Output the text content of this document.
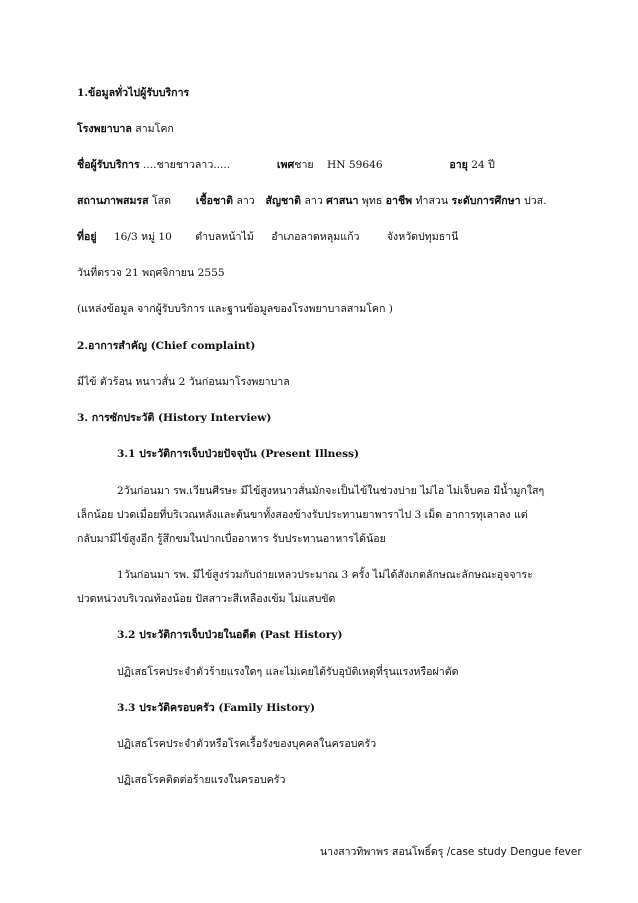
1.ข้อมูลทั่วไปผู้รับบริการ
โรงพยาบาล สามโคก
ชื่อผู้รับบริการ ....ชายชาวลาว.....	เพศชาย HN 59646	อายุ 24 ปี
สถานภาพสมรส โสด เชื้อชาติ ลาว สัญชาติ ลาว ศาสนา พุทธ อาชีพ ทำสวน ระดับการศึกษา ปวส.
ที่อยู่ 16/3 หมู่ 10 ตำบลหน้าไม้ อำเภอลาดหลุมแก้ว	จังหวัดปทุมธานี
วันที่ตรวจ 21 พฤศจิกายน 2555
(แหล่งข้อมูล จากผู้รับบริการ และฐานข้อมูลของโรงพยาบาลสามโคก )
2.อาการสำคัญ (Chief complaint)
มีไข้ ตัวร้อน หนาวสั่น 2 วันก่อนมาโรงพยาบาล
3. การซักประวัติ (History Interview)
3.1 ประวัติการเจ็บป่วยปัจจุบัน (Present Illness)
2วันก่อนมา รพ.เวียนศีรษะ มีไข้สูงหนาวสั่นมักจะเป็นไข้ในช่วงบ่าย ไม่ไอ ไม่เจ็บคอ มีน้ำมูกใสๆ
เล็กน้อย ปวดเมื่อยที่บริเวณหลังและต้นขาทั้งสองข้างรับประทานยาพาราไป 3 เม็ด อาการทุเลาลง แต่
กลับมามีไข้สูงอีก รู้สึกขมในปากเบื่ออาหาร รับประทานอาหารได้น้อย
1วันก่อนมา รพ. มีไข้สูงร่วมกับถ่ายเหลวประมาณ 3 ครั้ง ไม่ได้สังเกตลักษณะลักษณะอุจจาระ
ปวดหน่วงบริเวณท้องน้อย ปัสสาวะสีเหลืองเข้ม ไม่แสบขัด
3.2 ประวัติการเจ็บป่วยในอดีต (Past History)
ปฏิเสธโรคประจำตัวร้ายแรงใดๆ และไม่เคยได้รับอุบัติเหตุที่รุนแรงหรือผ่าตัด
3.3 ประวัติครอบครัว (Family History)
ปฏิเสธโรคประจำตัวหรือโรคเรื้อรังของบุคคลในครอบครัว
ปฏิเสธโรคติดต่อร้ายแรงในครอบครัว
นางสาวทิพาพร สอนโพธิ์ดรุ /case study Dengue fever
